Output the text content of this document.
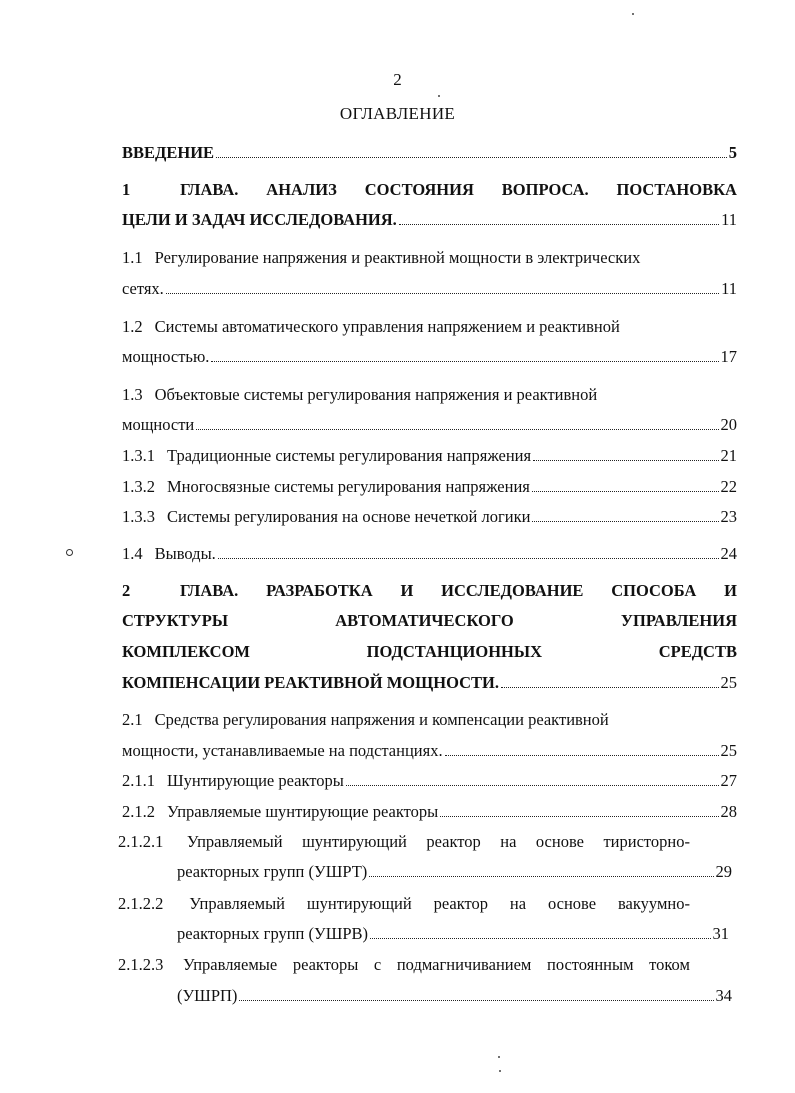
2
ОГЛАВЛЕНИЕ
ВВЕДЕНИЕ	5
1	ГЛАВА. АНАЛИЗ СОСТОЯНИЯ ВОПРОСА. ПОСТАНОВКА
ЦЕЛИ И ЗАДАЧ ИССЛЕДОВАНИЯ.	11
1.1 Регулирование напряжения и реактивной мощности в электрических
сетях.	11
1.2 Системы автоматического управления напряжением и реактивной
мощностью.	17
1.3 Объектовые системы регулирования напряжения и реактивной
мощности	20
1.3.1 Традиционные системы регулирования напряжения	21
1.3.2 Многосвязные системы регулирования напряжения	22
1.3.3 Системы регулирования на основе нечеткой логики	23
1.4 Выводы.	24
2	ГЛАВА. РАЗРАБОТКА И ИССЛЕДОВАНИЕ СПОСОБА И
СТРУКТУРЫ	АВТОМАТИЧЕСКОГО	УПРАВЛЕНИЯ
КОМПЛЕКСОМ	ПОДСТАНЦИОННЫХ	СРЕДСТВ
КОМПЕНСАЦИИ РЕАКТИВНОЙ МОЩНОСТИ.	25
2.1 Средства регулирования напряжения и компенсации реактивной
мощности, устанавливаемые на подстанциях.	25
2.1.1 Шунтирующие реакторы	27
2.1.2 Управляемые шунтирующие реакторы	28
2.1.2.1 Управляемый шунтирующий реактор на основе тиристорно-
реакторных групп (УШРТ)	29
2.1.2.2 Управляемый шунтирующий реактор на основе вакуумно-
реакторных групп (УШРВ)	31
2.1.2.3 Управляемые реакторы с подмагничиванием постоянным током
(УШРП)	34
